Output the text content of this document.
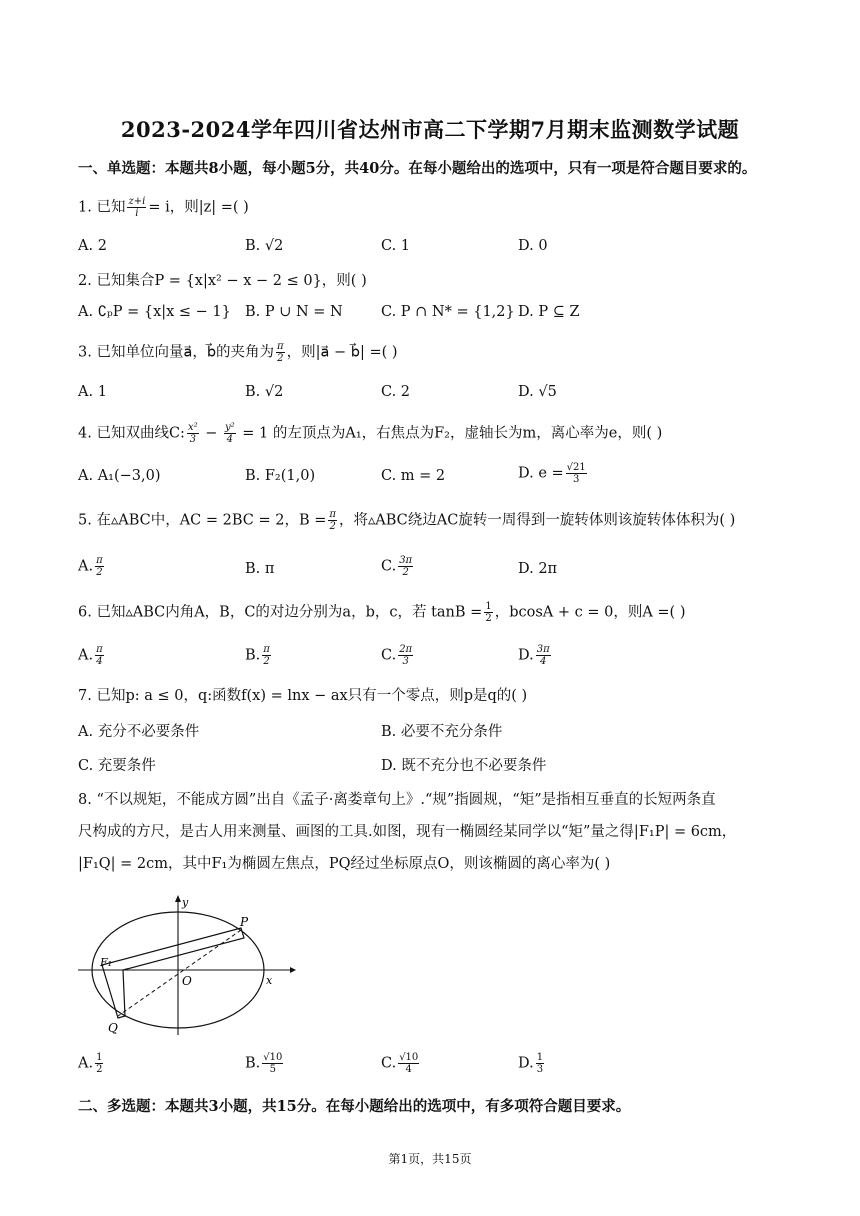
2023-2024学年四川省达州市高二下学期7月期末监测数学试题
一、单选题：本题共8小题，每小题5分，共40分。在每小题给出的选项中，只有一项是符合题目要求的。
1. 已知 $\frac{z+i}{i} = i$，则|z| =( )
A. 2	B. √2	C. 1	D. 0
2. 已知集合P = {x|x² − x − 2 ≤ 0}，则( )
A. ∁ₚP = {x|x ≤ − 1} B. P ∪ N = N	C. P ∩ N* = {1,2} D. P ⊆ Z
3. 已知单位向量a⃗，b⃗的夹角为 $\frac{\pi}{2}$ ，则|a⃗ − b⃗| =( )
A. 1	B. √2	C. 2	D. √5
4. 已知双曲线C: $\frac{\text{x²}}{3} - \frac{\text{y²}}{4} = 1$ 的左顶点为A₁，右焦点为F₂，虚轴长为m，离心率为e，则( )
A. A₁(−3,0)	B. F₂(1,0)	C. m = 2	D. $e = \frac{√21}{3}$
5. 在▵ABC中，AC = 2BC = 2，$B = \frac{\pi}{2}$ ，将▵ABC绕边AC旋转一周得到一旋转体则该旋转体体积为( )
A. $\frac{\pi}{2}$	B. π	C. $\frac{3\pi}{2}$	D. 2π
6. 已知▵ABC内角A，B，C的对边分别为a，b，c，若 $\tan B = \frac{1}{2}$ ，bcosA + c = 0，则A =( )
A. $\frac{\pi}{4}$	B. $\frac{\pi}{2}$	C. $\frac{2\pi}{3}$	D. $\frac{3\pi}{4}$
7. 已知p: a ≤ 0，q:函数f(x) = lnx − ax只有一个零点，则p是q的( )
A. 充分不必要条件	B. 必要不充分条件
C. 充要条件	D. 既不充分也不必要条件
8. “不以规矩，不能成方圆”出自《孟子·离娄章句上》.“规”指圆规，“矩”是指相互垂直的长短两条直
尺构成的方尺，是古人用来测量、画图的工具.如图，现有一椭圆经某同学以“矩”量之得|F₁P| = 6cm，
|F₁Q| = 2cm，其中F₁为椭圆左焦点，PQ经过坐标原点O，则该椭圆的离心率为( )
y
x
O
P
Q
F₁
A. $\frac{1}{2}$	B. $\frac{√10}{5}$	C. $\frac{√10}{4}$	D. $\frac{1}{3}$
二、多选题：本题共3小题，共15分。在每小题给出的选项中，有多项符合题目要求。
第1页，共15页
